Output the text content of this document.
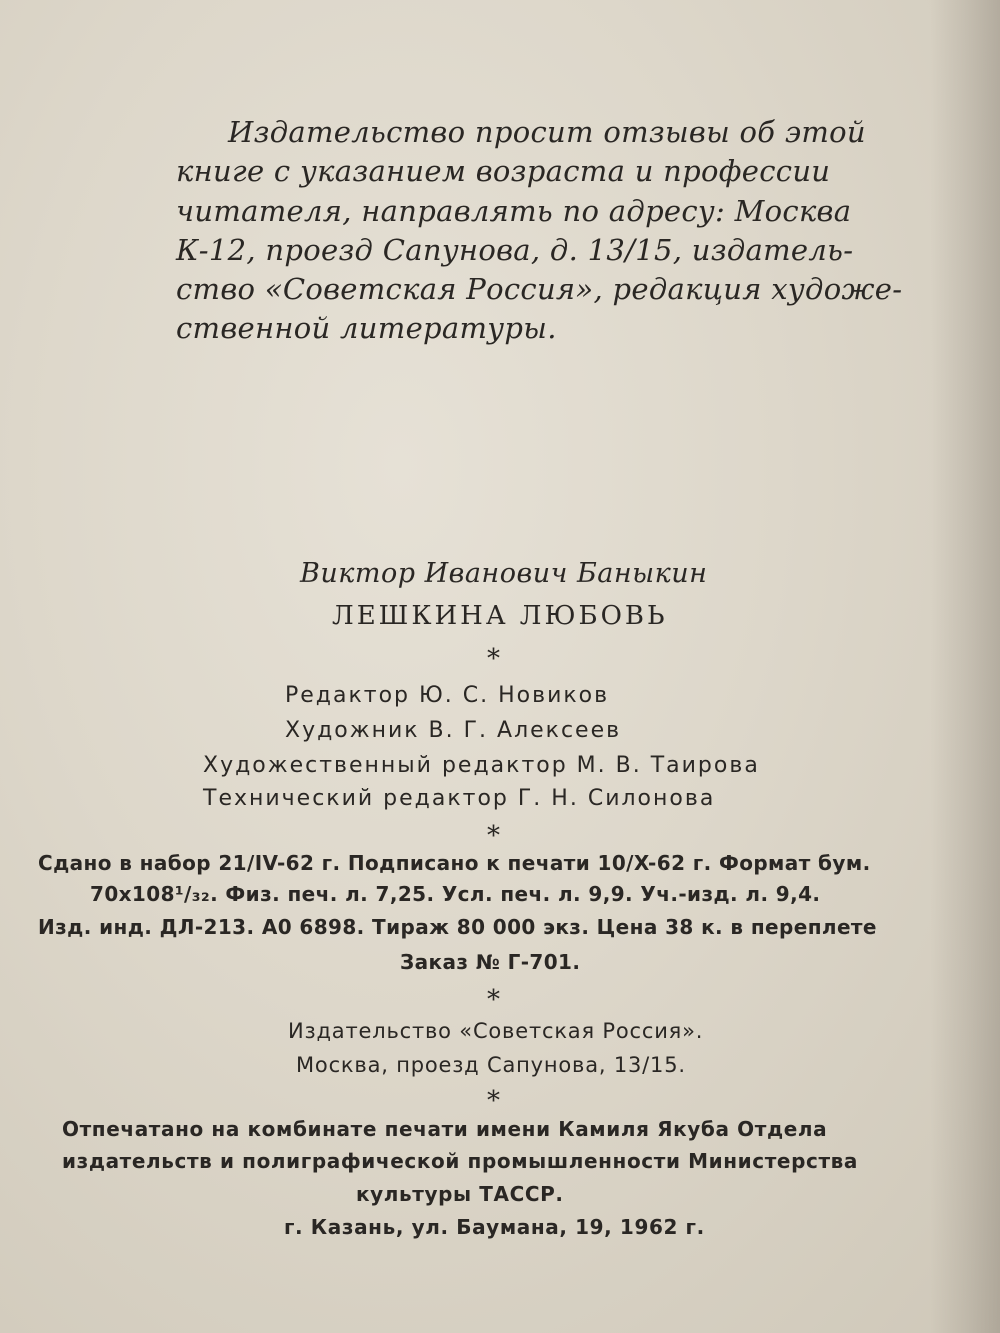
Издательство просит отзывы об этой
книге с указанием возраста и профессии
читателя, направлять по адресу: Москва
К-12, проезд Сапунова, д. 13/15, издатель-
ство «Советская Россия», редакция художе-
ственной литературы.
Виктор Иванович Баныкин
ЛЕШКИНА ЛЮБОВЬ
*
Редактор Ю. С. Новиков
Художник В. Г. Алексеев
Художественный редактор М. В. Таирова
Технический редактор Г. Н. Силонова
*
Сдано в набор 21/IV-62 г. Подписано к печати 10/X-62 г. Формат бум.
70x108¹/₃₂. Физ. печ. л. 7,25. Усл. печ. л. 9,9. Уч.-изд. л. 9,4.
Изд. инд. ДЛ-213. А0 6898. Тираж 80 000 экз. Цена 38 к. в переплете
Заказ № Г-701.
*
Издательство «Советская Россия».
Москва, проезд Сапунова, 13/15.
*
Отпечатано на комбинате печати имени Камиля Якуба Отдела
издательств и полиграфической промышленности Министерства
культуры ТАССР.
г. Казань, ул. Баумана, 19, 1962 г.
